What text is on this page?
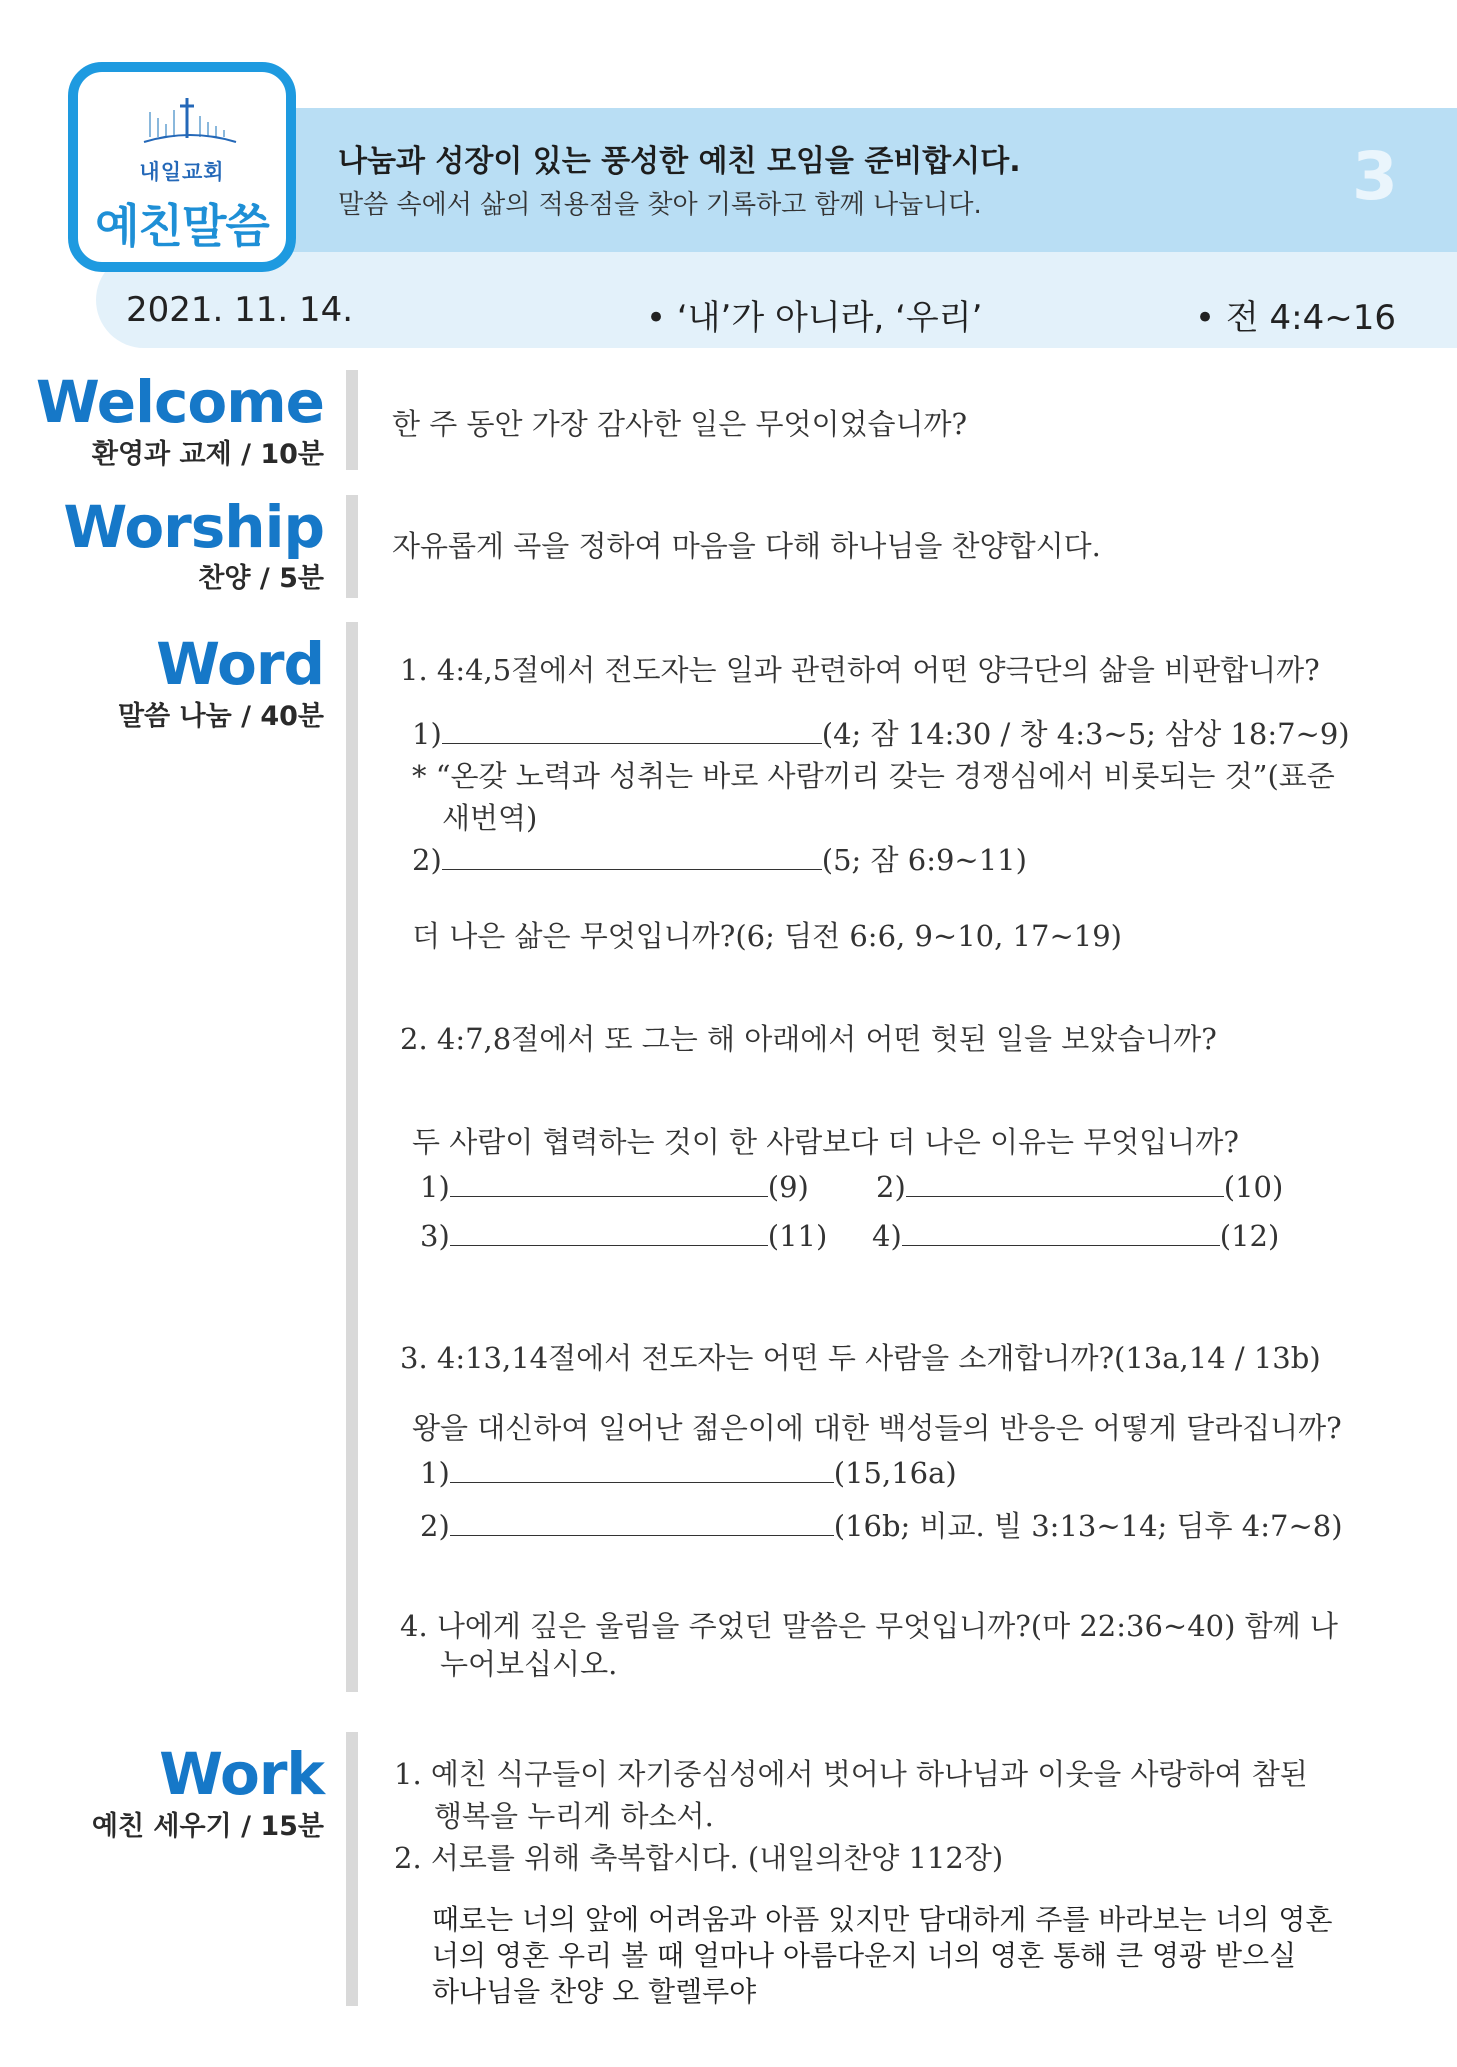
내일교회
예친말씀
나눔과 성장이 있는 풍성한 예친 모임을 준비합시다.
말씀 속에서 삶의 적용점을 찾아 기록하고 함께 나눕니다.	3
2021. 11. 14.	• ‘내’가 아니라, ‘우리’	• 전 4:4~16
Welcome
환영과 교제 / 10분
한 주 동안 가장 감사한 일은 무엇이었습니까?
Worship
찬양 / 5분
자유롭게 곡을 정하여 마음을 다해 하나님을 찬양합시다.
Word
말씀 나눔 / 40분
1. 4:4,5절에서 전도자는 일과 관련하여 어떤 양극단의 삶을 비판합니까?
1)	(4; 잠 14:30 / 창 4:3~5; 삼상 18:7~9)
* “온갖 노력과 성취는 바로 사람끼리 갖는 경쟁심에서 비롯되는 것”(표준
새번역)
2)	(5; 잠 6:9~11)
더 나은 삶은 무엇입니까?(6; 딤전 6:6, 9~10, 17~19)
2. 4:7,8절에서 또 그는 해 아래에서 어떤 헛된 일을 보았습니까?
두 사람이 협력하는 것이 한 사람보다 더 나은 이유는 무엇입니까?
1)	(9) 2)	(10)
3)	(11) 4)	(12)
3. 4:13,14절에서 전도자는 어떤 두 사람을 소개합니까?(13a,14 / 13b)
왕을 대신하여 일어난 젊은이에 대한 백성들의 반응은 어떻게 달라집니까?
1)	(15,16a)
2)	(16b; 비교. 빌 3:13~14; 딤후 4:7~8)
4. 나에게 깊은 울림을 주었던 말씀은 무엇입니까?(마 22:36~40) 함께 나
누어보십시오.
Work
예친 세우기 / 15분
1. 예친 식구들이 자기중심성에서 벗어나 하나님과 이웃을 사랑하여 참된
행복을 누리게 하소서.
2. 서로를 위해 축복합시다. (내일의찬양 112장)
때로는 너의 앞에 어려움과 아픔 있지만 담대하게 주를 바라보는 너의 영혼
너의 영혼 우리 볼 때 얼마나 아름다운지 너의 영혼 통해 큰 영광 받으실
하나님을 찬양 오 할렐루야
